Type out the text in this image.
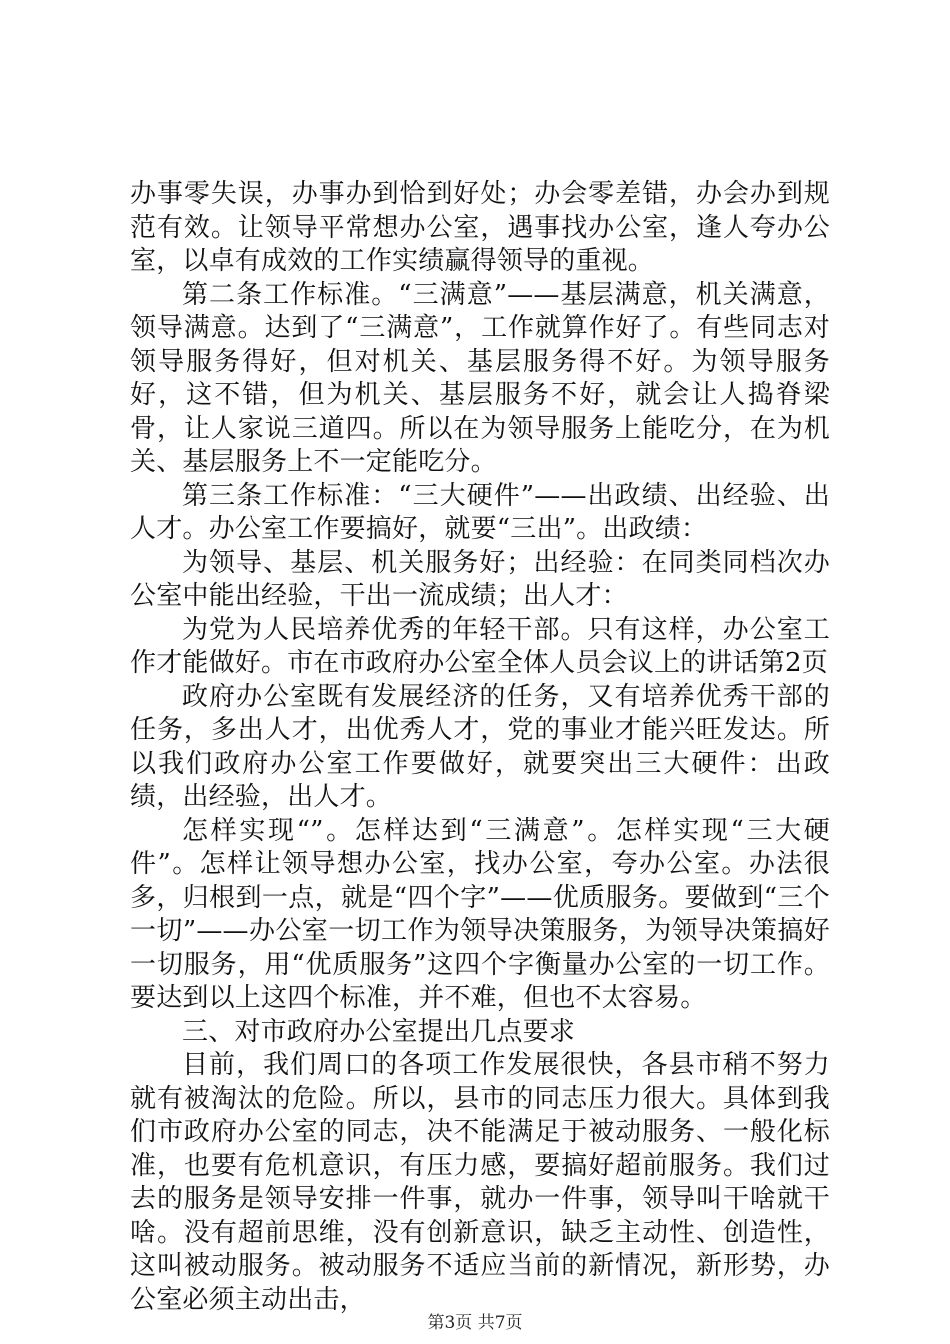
办事零失误，办事办到恰到好处；办会零差错，办会办到规范有效。让领导平常想办公室，遇事找办公室，逢人夸办公室，以卓有成效的工作实绩赢得领导的重视。

第二条工作标准。“三满意”——基层满意，机关满意，领导满意。达到了“三满意”，工作就算作好了。有些同志对领导服务得好，但对机关、基层服务得不好。为领导服务好，这不错，但为机关、基层服务不好，就会让人捣脊梁骨，让人家说三道四。所以在为领导服务上能吃分，在为机关、基层服务上不一定能吃分。

第三条工作标准：“三大硬件”——出政绩、出经验、出人才。办公室工作要搞好，就要“三出”。出政绩：

为领导、基层、机关服务好；出经验：在同类同档次办公室中能出经验，干出一流成绩；出人才：

为党为人民培养优秀的年轻干部。只有这样，办公室工作才能做好。市在市政府办公室全体人员会议上的讲话第2页

政府办公室既有发展经济的任务，又有培养优秀干部的任务，多出人才，出优秀人才，党的事业才能兴旺发达。所以我们政府办公室工作要做好，就要突出三大硬件：出政绩，出经验，出人才。

怎样实现“”。怎样达到“三满意”。怎样实现“三大硬件”。怎样让领导想办公室，找办公室，夸办公室。办法很多，归根到一点，就是“四个字”——优质服务。要做到“三个一切”——办公室一切工作为领导决策服务，为领导决策搞好一切服务，用“优质服务”这四个字衡量办公室的一切工作。要达到以上这四个标准，并不难，但也不太容易。

三、对市政府办公室提出几点要求

目前，我们周口的各项工作发展很快，各县市稍不努力就有被淘汰的危险。所以，县市的同志压力很大。具体到我们市政府办公室的同志，决不能满足于被动服务、一般化标准，也要有危机意识，有压力感，要搞好超前服务。我们过去的服务是领导安排一件事，就办一件事，领导叫干啥就干啥。没有超前思维，没有创新意识，缺乏主动性、创造性，这叫被动服务。被动服务不适应当前的新情况，新形势，办公室必须主动出击，

第3页 共7页
